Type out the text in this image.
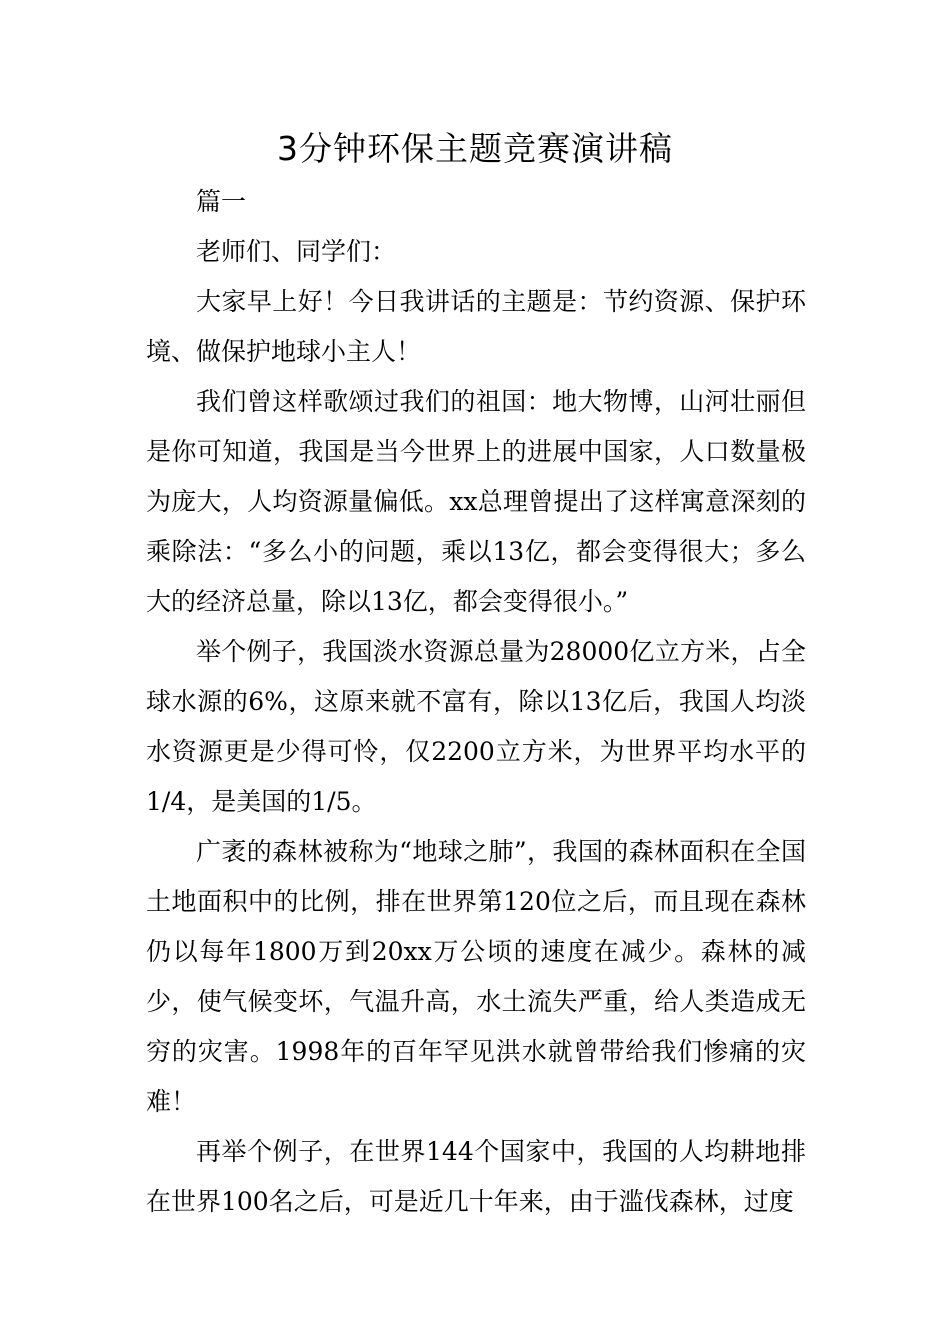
3分钟环保主题竞赛演讲稿

篇一

老师们、同学们：

大家早上好！今日我讲话的主题是：节约资源、保护环境、做保护地球小主人！

我们曾这样歌颂过我们的祖国：地大物博，山河壮丽但是你可知道，我国是当今世界上的进展中国家，人口数量极为庞大，人均资源量偏低。xx总理曾提出了这样寓意深刻的乘除法：“多么小的问题，乘以13亿，都会变得很大；多么大的经济总量，除以13亿，都会变得很小。”

举个例子，我国淡水资源总量为28000亿立方米，占全球水源的6%，这原来就不富有，除以13亿后，我国人均淡水资源更是少得可怜，仅2200立方米，为世界平均水平的1/4，是美国的1/5。

广袤的森林被称为“地球之肺”，我国的森林面积在全国土地面积中的比例，排在世界第120位之后，而且现在森林仍以每年1800万到20xx万公顷的速度在减少。森林的减少，使气候变坏，气温升高，水土流失严重，给人类造成无穷的灾害。1998年的百年罕见洪水就曾带给我们惨痛的灾难！

再举个例子，在世界144个国家中，我国的人均耕地排在世界100名之后，可是近几十年来，由于滥伐森林，过度
